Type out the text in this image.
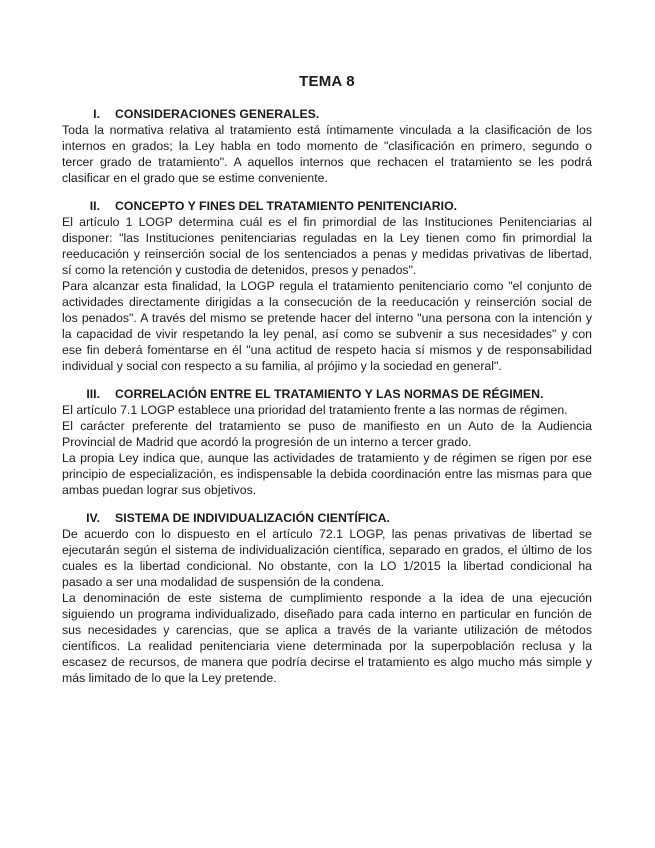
TEMA 8
I. CONSIDERACIONES GENERALES.
Toda la normativa relativa al tratamiento está íntimamente vinculada a la clasificación de los
internos en grados; la Ley habla en todo momento de "clasificación en primero, segundo o
tercer grado de tratamiento". A aquellos internos que rechacen el tratamiento se les podrá
clasificar en el grado que se estime conveniente.
II. CONCEPTO Y FINES DEL TRATAMIENTO PENITENCIARIO.
El artículo 1 LOGP determina cuál es el fin primordial de las Instituciones Penitenciarias al
disponer: "las Instituciones penitenciarias reguladas en la Ley tienen como fin primordial la
reeducación y reinserción social de los sentenciados a penas y medidas privativas de libertad,
sí como la retención y custodia de detenidos, presos y penados".
Para alcanzar esta finalidad, la LOGP regula el tratamiento penitenciario como "el conjunto de
actividades directamente dirigidas a la consecución de la reeducación y reinserción social de
los penados". A través del mismo se pretende hacer del interno "una persona con la intención y
la capacidad de vivir respetando la ley penal, así como se subvenir a sus necesidades" y con
ese fin deberá fomentarse en él "una actitud de respeto hacia sí mismos y de responsabilidad
individual y social con respecto a su familia, al prójimo y la sociedad en general".
III. CORRELACIÓN ENTRE EL TRATAMIENTO Y LAS NORMAS DE RÉGIMEN.
El artículo 7.1 LOGP establece una prioridad del tratamiento frente a las normas de régimen.
El carácter preferente del tratamiento se puso de manifiesto en un Auto de la Audiencia
Provincial de Madrid que acordó la progresión de un interno a tercer grado.
La propia Ley indica que, aunque las actividades de tratamiento y de régimen se rigen por ese
principio de especialización, es indispensable la debida coordinación entre las mismas para que
ambas puedan lograr sus objetivos.
IV. SISTEMA DE INDIVIDUALIZACIÓN CIENTÍFICA.
De acuerdo con lo dispuesto en el artículo 72.1 LOGP, las penas privativas de libertad se
ejecutarán según el sistema de individualización científica, separado en grados, el último de los
cuales es la libertad condicional. No obstante, con la LO 1/2015 la libertad condicional ha
pasado a ser una modalidad de suspensión de la condena.
La denominación de este sistema de cumplimiento responde a la idea de una ejecución
siguiendo un programa individualizado, diseñado para cada interno en particular en función de
sus necesidades y carencias, que se aplica a través de la variante utilización de métodos
científicos. La realidad penitenciaria viene determinada por la superpoblación reclusa y la
escasez de recursos, de manera que podría decirse el tratamiento es algo mucho más simple y
más limitado de lo que la Ley pretende.
